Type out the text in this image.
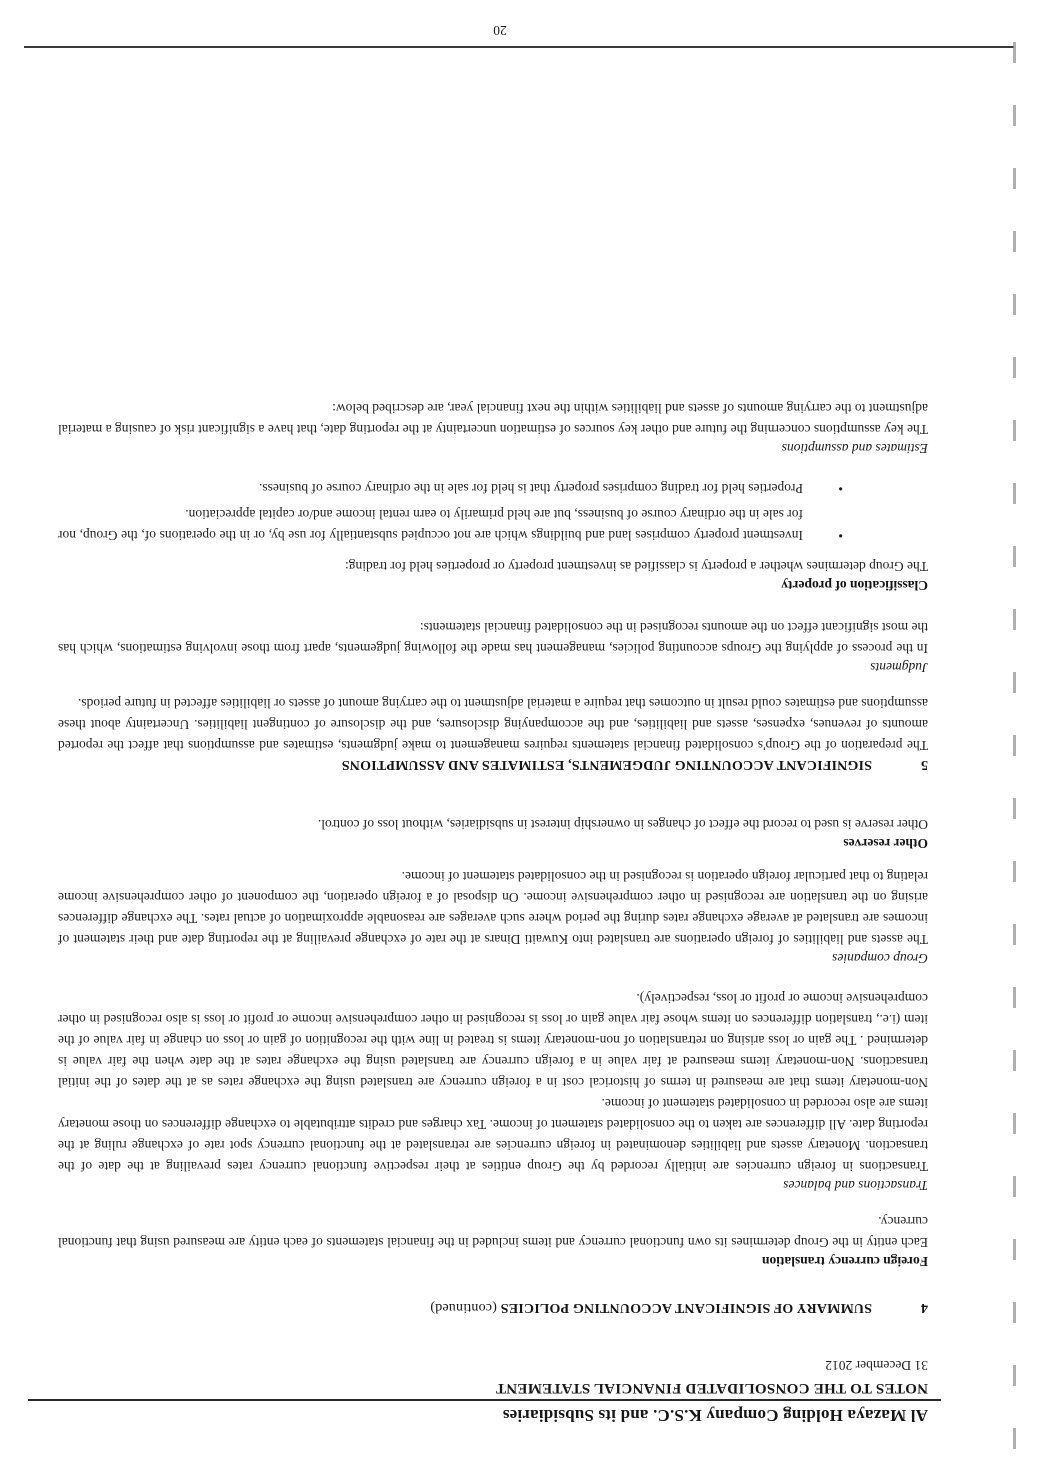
Al Mazaya Holding Company K.S.C. and its Subsidiaries

NOTES TO THE CONSOLIDATED FINANCIAL STATEMENT

31 December 2012

4
SUMMARY OF SIGNIFICANT ACCOUNTING POLICIES (continued)

Foreign currency translation

Each entity in the Group determines its own functional currency and items included in the financial statements of each entity are measured using that functional currency.

Transactions and balances

Transactions in foreign currencies are initially recorded by the Group entities at their respective functional currency rates prevailing at the date of the transaction. Monetary assets and liabilities denominated in foreign currencies are retranslated at the functional currency spot rate of exchange ruling at the reporting date. All differences are taken to the consolidated statement of income. Tax charges and credits attributable to exchange differences on those monetary items are also recorded in consolidated statement of income.

Non-monetary items that are measured in terms of historical cost in a foreign currency are translated using the exchange rates as at the dates of the initial transactions. Non-monetary items measured at fair value in a foreign currency are translated using the exchange rates at the date when the fair value is determined . The gain or loss arising on retranslation of non-monetary items is treated in line with the recognition of gain or loss on change in fair value of the item (i.e., translation differences on items whose fair value gain or loss is recognised in other comprehensive income or profit or loss is also recognised in other comprehensive income or profit or loss, respectively).

Group companies

The assets and liabilities of foreign operations are translated into Kuwaiti Dinars at the rate of exchange prevailing at the reporting date and their statement of incomes are translated at average exchange rates during the period where such averages are reasonable approximation of actual rates. The exchange differences arising on the translation are recognised in other comprehensive income. On disposal of a foreign operation, the component of other comprehensive income relating to that particular foreign operation is recognised in the consolidated statement of income.

Other reserves

Other reserve is used to record the effect of changes in ownership interest in subsidiaries, without loss of control.

5
SIGNIFICANT ACCOUNTING JUDGEMENTS, ESTIMATES AND ASSUMPTIONS

The preparation of the Group's consolidated financial statements requires management to make judgments, estimates and assumptions that affect the reported amounts of revenues, expenses, assets and liabilities, and the accompanying disclosures, and the disclosure of contingent liabilities. Uncertainty about these assumptions and estimates could result in outcomes that require a material adjustment to the carrying amount of assets or liabilities affected in future periods.

Judgments

In the process of applying the Groups accounting policies, management has made the following judgements, apart from those involving estimations, which has the most significant effect on the amounts recognised in the consolidated financial statements:

Classification of property

The Group determines whether a property is classified as investment property or properties held for trading:

•
Investment property comprises land and buildings which are not occupied substantially for use by, or in the operations of, the Group, nor for sale in the ordinary course of business, but are held primarily to earn rental income and/or capital appreciation.
•
Properties held for trading comprises property that is held for sale in the ordinary course of business.

Estimates and assumptions

The key assumptions concerning the future and other key sources of estimation uncertainty at the reporting date, that have a significant risk of causing a material adjustment to the carrying amounts of assets and liabilities within the next financial year, are described below:

20
